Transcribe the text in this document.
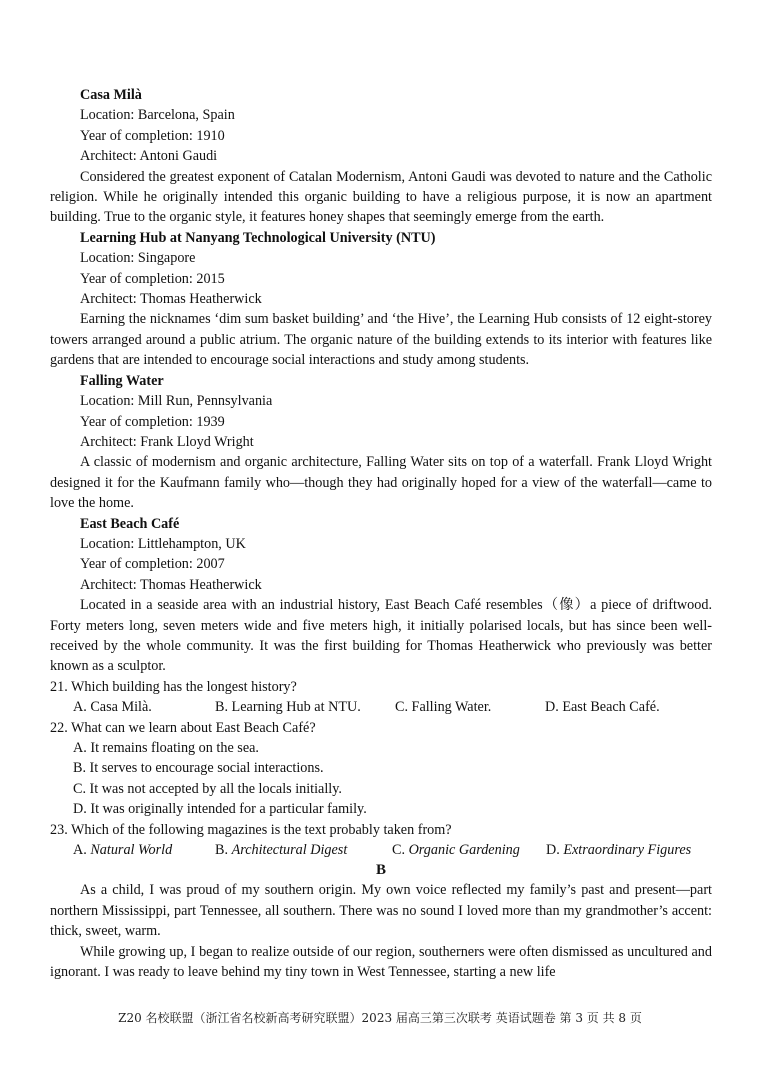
Casa Milà
Location: Barcelona, Spain
Year of completion: 1910
Architect: Antoni Gaudi

Considered the greatest exponent of Catalan Modernism, Antoni Gaudi was devoted to nature and the Catholic religion. While he originally intended this organic building to have a religious purpose, it is now an apartment building. True to the organic style, it features honey shapes that seemingly emerge from the earth.

Learning Hub at Nanyang Technological University (NTU)
Location: Singapore
Year of completion: 2015
Architect: Thomas Heatherwick

Earning the nicknames ‘dim sum basket building’ and ‘the Hive’, the Learning Hub consists of 12 eight-storey towers arranged around a public atrium. The organic nature of the building extends to its interior with features like gardens that are intended to encourage social interactions and study among students.

Falling Water
Location: Mill Run, Pennsylvania
Year of completion: 1939
Architect: Frank Lloyd Wright

A classic of modernism and organic architecture, Falling Water sits on top of a waterfall. Frank Lloyd Wright designed it for the Kaufmann family who—though they had originally hoped for a view of the waterfall—came to love the home.

East Beach Café
Location: Littlehampton, UK
Year of completion: 2007
Architect: Thomas Heatherwick

Located in a seaside area with an industrial history, East Beach Café resembles（像）a piece of driftwood. Forty meters long, seven meters wide and five meters high, it initially polarised locals, but has since been well-received by the whole community. It was the first building for Thomas Heatherwick who previously was better known as a sculptor.

21. Which building has the longest history?
A. Casa Milà.	B. Learning Hub at NTU.	C. Falling Water.	D. East Beach Café.
22. What can we learn about East Beach Café?
A. It remains floating on the sea.
B. It serves to encourage social interactions.
C. It was not accepted by all the locals initially.
D. It was originally intended for a particular family.
23. Which of the following magazines is the text probably taken from?
A. Natural World	B. Architectural Digest	C. Organic Gardening	D. Extraordinary Figures
B

As a child, I was proud of my southern origin. My own voice reflected my family’s past and present—part northern Mississippi, part Tennessee, all southern. There was no sound I loved more than my grandmother’s accent: thick, sweet, warm.

While growing up, I began to realize outside of our region, southerners were often dismissed as uncultured and ignorant. I was ready to leave behind my tiny town in West Tennessee, starting a new life

Z20 名校联盟（浙江省名校新高考研究联盟）2023 届高三第三次联考 英语试题卷 第 3 页 共 8 页
